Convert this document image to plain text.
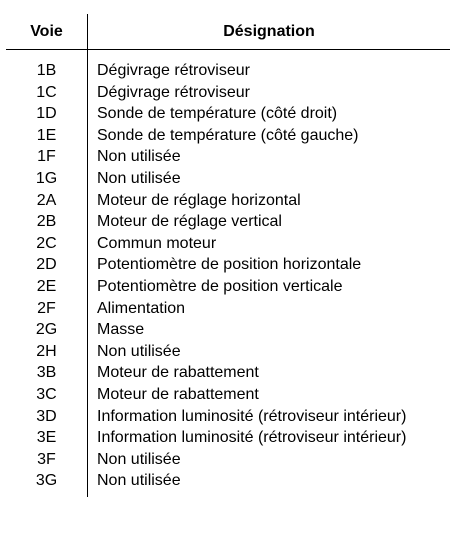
Voie	Désignation
1B	Dégivrage rétroviseur
1C	Dégivrage rétroviseur
1D	Sonde de température (côté droit)
1E	Sonde de température (côté gauche)
1F	Non utilisée
1G	Non utilisée
2A	Moteur de réglage horizontal
2B	Moteur de réglage vertical
2C	Commun moteur
2D	Potentiomètre de position horizontale
2E	Potentiomètre de position verticale
2F	Alimentation
2G	Masse
2H	Non utilisée
3B	Moteur de rabattement
3C	Moteur de rabattement
3D	Information luminosité (rétroviseur intérieur)
3E	Information luminosité (rétroviseur intérieur)
3F	Non utilisée
3G	Non utilisée
